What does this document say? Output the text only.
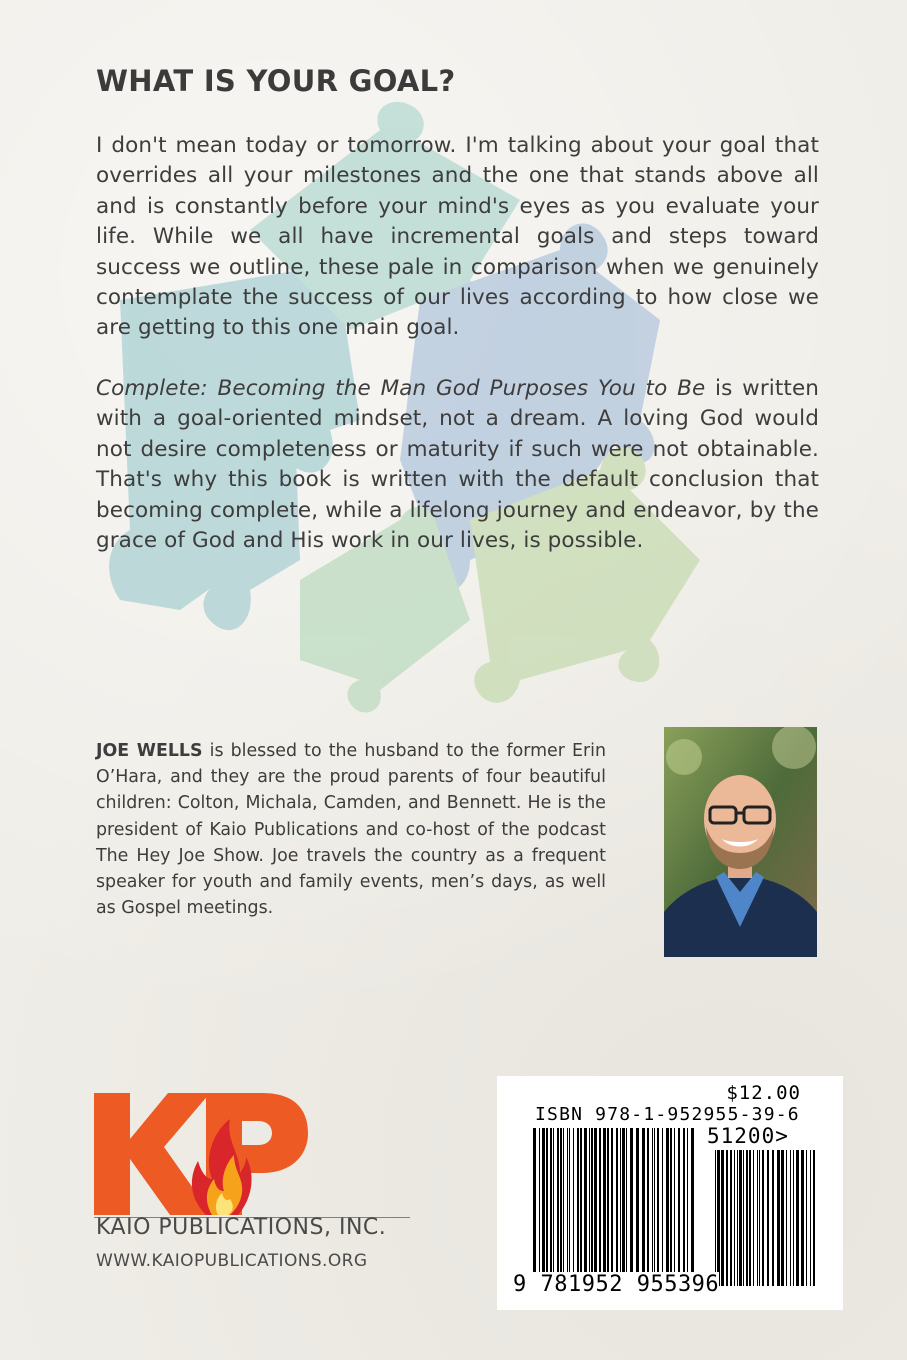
WHAT IS YOUR GOAL?

I don't mean today or tomorrow. I'm talking about your goal that overrides all your milestones and the one that stands above all and is constantly before your mind's eyes as you evaluate your life. While we all have incremental goals and steps toward success we outline, these pale in comparison when we genuinely contemplate the success of our lives according to how close we are getting to this one main goal.

Complete: Becoming the Man God Purposes You to Be is written with a goal-oriented mindset, not a dream. A loving God would not desire completeness or maturity if such were not obtainable. That's why this book is written with the default conclusion that becoming complete, while a lifelong journey and endeavor, by the grace of God and His work in our lives, is possible.

JOE WELLS is blessed to the husband to the former Erin O’Hara, and they are the proud parents of four beautiful children: Colton, Michala, Camden, and Bennett. He is the president of Kaio Publications and co-host of the podcast The Hey Joe Show. Joe travels the country as a frequent speaker for youth and family events, men’s days, as well as Gospel meetings.

KAIO PUBLICATIONS, INC.

WWW.KAIOPUBLICATIONS.ORG

$12.00

ISBN 978-1-952955-39-6

51200>

9 781952 955396
